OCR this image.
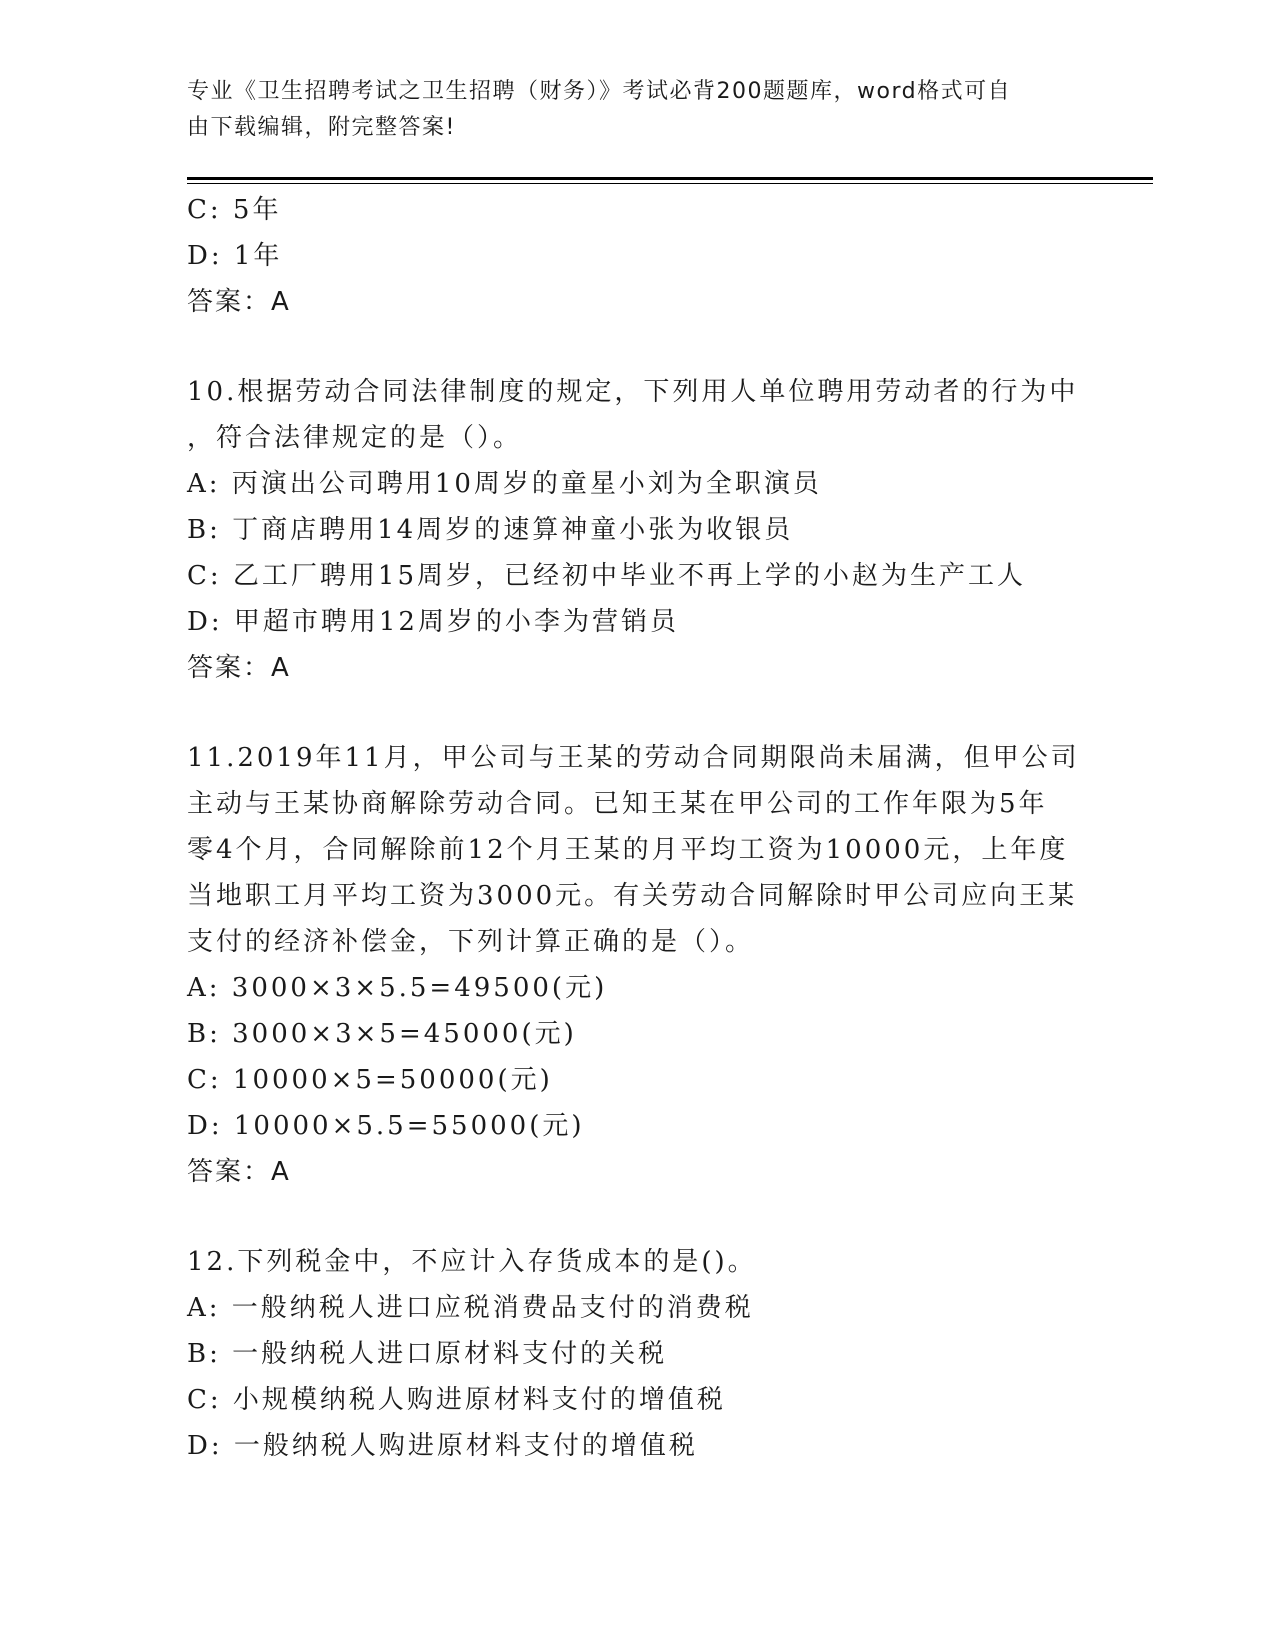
专业《卫生招聘考试之卫生招聘（财务）》考试必背200题题库，word格式可自
由下载编辑，附完整答案!
C: 5年
D: 1年
答案：A
10.根据劳动合同法律制度的规定，下列用人单位聘用劳动者的行为中
，符合法律规定的是（）。
A: 丙演出公司聘用10周岁的童星小刘为全职演员
B: 丁商店聘用14周岁的速算神童小张为收银员
C: 乙工厂聘用15周岁，已经初中毕业不再上学的小赵为生产工人
D: 甲超市聘用12周岁的小李为营销员
答案：A
11.2019年11月，甲公司与王某的劳动合同期限尚未届满，但甲公司
主动与王某协商解除劳动合同。已知王某在甲公司的工作年限为5年
零4个月，合同解除前12个月王某的月平均工资为10000元，上年度
当地职工月平均工资为3000元。有关劳动合同解除时甲公司应向王某
支付的经济补偿金，下列计算正确的是（）。
A: 3000×3×5.5=49500(元)
B: 3000×3×5=45000(元)
C: 10000×5=50000(元)
D: 10000×5.5=55000(元)
答案：A
12.下列税金中，不应计入存货成本的是()。
A: 一般纳税人进口应税消费品支付的消费税
B: 一般纳税人进口原材料支付的关税
C: 小规模纳税人购进原材料支付的增值税
D: 一般纳税人购进原材料支付的增值税
